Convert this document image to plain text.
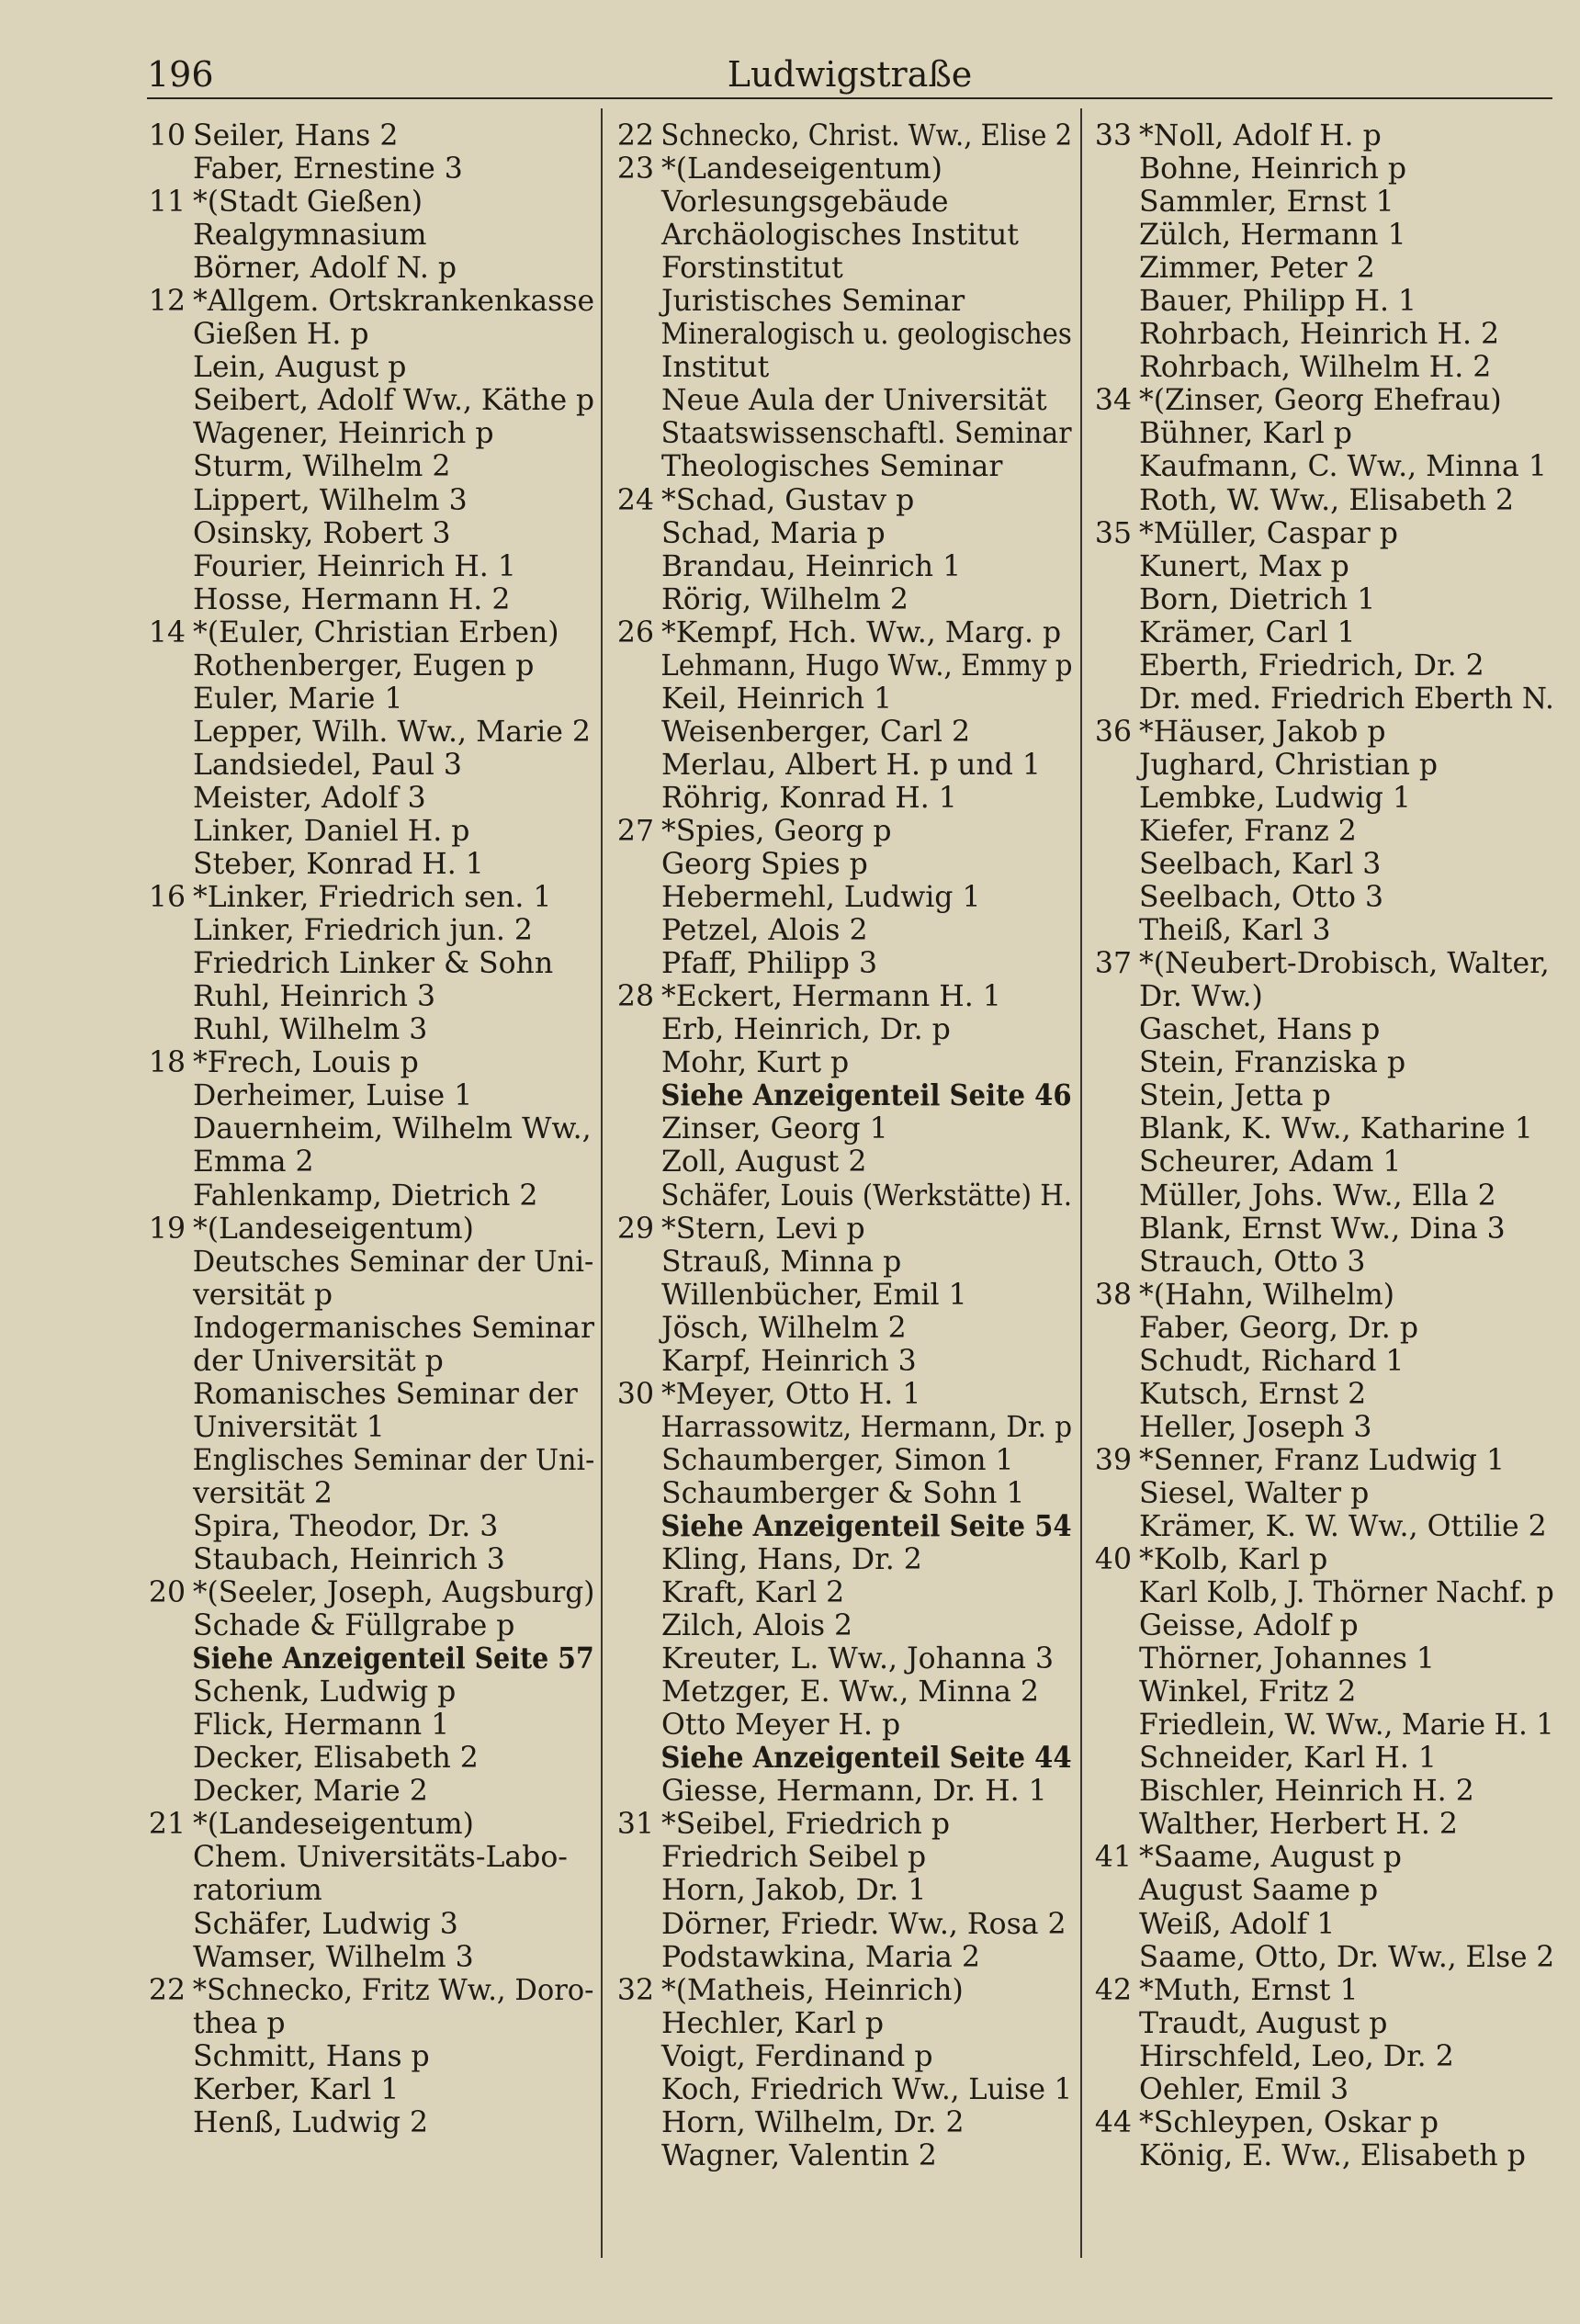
196	Ludwigstraße
10 Seiler, Hans 2
Faber, Ernestine 3
11 *(Stadt Gießen)
Realgymnasium
Börner, Adolf N. p
12 *Allgem. Ortskrankenkasse
Gießen H. p
Lein, August p
Seibert, Adolf Ww., Käthe p
Wagener, Heinrich p
Sturm, Wilhelm 2
Lippert, Wilhelm 3
Osinsky, Robert 3
Fourier, Heinrich H. 1
Hosse, Hermann H. 2
14 *(Euler, Christian Erben)
Rothenberger, Eugen p
Euler, Marie 1
Lepper, Wilh. Ww., Marie 2
Landsiedel, Paul 3
Meister, Adolf 3
Linker, Daniel H. p
Steber, Konrad H. 1
16 *Linker, Friedrich sen. 1
Linker, Friedrich jun. 2
Friedrich Linker & Sohn
Ruhl, Heinrich 3
Ruhl, Wilhelm 3
18 *Frech, Louis p
Derheimer, Luise 1
Dauernheim, Wilhelm Ww.,
Emma 2
Fahlenkamp, Dietrich 2
19 *(Landeseigentum)
Deutsches Seminar der Uni-
versität p
Indogermanisches Seminar
der Universität p
Romanisches Seminar der
Universität 1
Englisches Seminar der Uni-
versität 2
Spira, Theodor, Dr. 3
Staubach, Heinrich 3
20 *(Seeler, Joseph, Augsburg)
Schade & Füllgrabe p
Siehe Anzeigenteil Seite 57
Schenk, Ludwig p
Flick, Hermann 1
Decker, Elisabeth 2
Decker, Marie 2
21 *(Landeseigentum)
Chem. Universitäts-Labo-
ratorium
Schäfer, Ludwig 3
Wamser, Wilhelm 3
22 *Schnecko, Fritz Ww., Doro-
thea p
Schmitt, Hans p
Kerber, Karl 1
Henß, Ludwig 2
22 Schnecko, Christ. Ww., Elise 2
23 *(Landeseigentum)
Vorlesungsgebäude
Archäologisches Institut
Forstinstitut
Juristisches Seminar
Mineralogisch u. geologisches
Institut
Neue Aula der Universität
Staatswissenschaftl. Seminar
Theologisches Seminar
24 *Schad, Gustav p
Schad, Maria p
Brandau, Heinrich 1
Rörig, Wilhelm 2
26 *Kempf, Hch. Ww., Marg. p
Lehmann, Hugo Ww., Emmy p
Keil, Heinrich 1
Weisenberger, Carl 2
Merlau, Albert H. p und 1
Röhrig, Konrad H. 1
27 *Spies, Georg p
Georg Spies p
Hebermehl, Ludwig 1
Petzel, Alois 2
Pfaff, Philipp 3
28 *Eckert, Hermann H. 1
Erb, Heinrich, Dr. p
Mohr, Kurt p
Siehe Anzeigenteil Seite 46
Zinser, Georg 1
Zoll, August 2
Schäfer, Louis (Werkstätte) H.
29 *Stern, Levi p
Strauß, Minna p
Willenbücher, Emil 1
Jösch, Wilhelm 2
Karpf, Heinrich 3
30 *Meyer, Otto H. 1
Harrassowitz, Hermann, Dr. p
Schaumberger, Simon 1
Schaumberger & Sohn 1
Siehe Anzeigenteil Seite 54
Kling, Hans, Dr. 2
Kraft, Karl 2
Zilch, Alois 2
Kreuter, L. Ww., Johanna 3
Metzger, E. Ww., Minna 2
Otto Meyer H. p
Siehe Anzeigenteil Seite 44
Giesse, Hermann, Dr. H. 1
31 *Seibel, Friedrich p
Friedrich Seibel p
Horn, Jakob, Dr. 1
Dörner, Friedr. Ww., Rosa 2
Podstawkina, Maria 2
32 *(Matheis, Heinrich)
Hechler, Karl p
Voigt, Ferdinand p
Koch, Friedrich Ww., Luise 1
Horn, Wilhelm, Dr. 2
Wagner, Valentin 2
33 *Noll, Adolf H. p
Bohne, Heinrich p
Sammler, Ernst 1
Zülch, Hermann 1
Zimmer, Peter 2
Bauer, Philipp H. 1
Rohrbach, Heinrich H. 2
Rohrbach, Wilhelm H. 2
34 *(Zinser, Georg Ehefrau)
Bühner, Karl p
Kaufmann, C. Ww., Minna 1
Roth, W. Ww., Elisabeth 2
35 *Müller, Caspar p
Kunert, Max p
Born, Dietrich 1
Krämer, Carl 1
Eberth, Friedrich, Dr. 2
Dr. med. Friedrich Eberth N.
36 *Häuser, Jakob p
Jughard, Christian p
Lembke, Ludwig 1
Kiefer, Franz 2
Seelbach, Karl 3
Seelbach, Otto 3
Theiß, Karl 3
37 *(Neubert-Drobisch, Walter,
Dr. Ww.)
Gaschet, Hans p
Stein, Franziska p
Stein, Jetta p
Blank, K. Ww., Katharine 1
Scheurer, Adam 1
Müller, Johs. Ww., Ella 2
Blank, Ernst Ww., Dina 3
Strauch, Otto 3
38 *(Hahn, Wilhelm)
Faber, Georg, Dr. p
Schudt, Richard 1
Kutsch, Ernst 2
Heller, Joseph 3
39 *Senner, Franz Ludwig 1
Siesel, Walter p
Krämer, K. W. Ww., Ottilie 2
40 *Kolb, Karl p
Karl Kolb, J. Thörner Nachf. p
Geisse, Adolf p
Thörner, Johannes 1
Winkel, Fritz 2
Friedlein, W. Ww., Marie H. 1
Schneider, Karl H. 1
Bischler, Heinrich H. 2
Walther, Herbert H. 2
41 *Saame, August p
August Saame p
Weiß, Adolf 1
Saame, Otto, Dr. Ww., Else 2
42 *Muth, Ernst 1
Traudt, August p
Hirschfeld, Leo, Dr. 2
Oehler, Emil 3
44 *Schleypen, Oskar p
König, E. Ww., Elisabeth p
